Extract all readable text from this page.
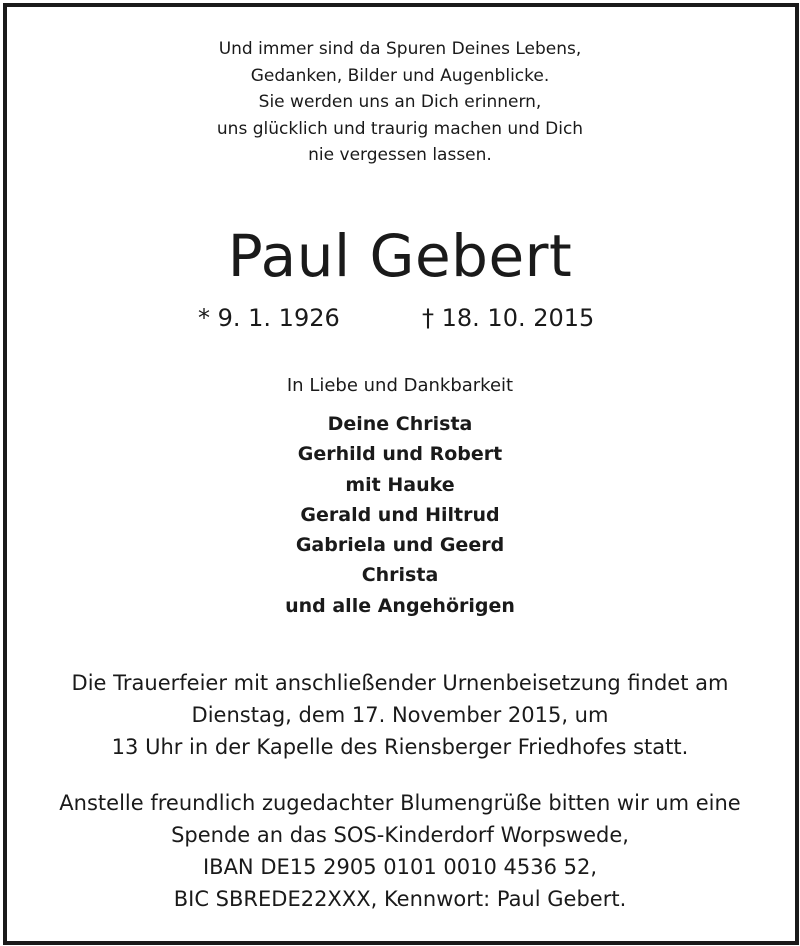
Und immer sind da Spuren Deines Lebens,
Gedanken, Bilder und Augenblicke.
Sie werden uns an Dich erinnern,
uns glücklich und traurig machen und Dich
nie vergessen lassen.
Paul Gebert
* 9. 1. 1926	† 18. 10. 2015
In Liebe und Dankbarkeit
Deine Christa
Gerhild und Robert
mit Hauke
Gerald und Hiltrud
Gabriela und Geerd
Christa
und alle Angehörigen
Die Trauerfeier mit anschließender Urnenbeisetzung findet am
Dienstag, dem 17. November 2015, um
13 Uhr in der Kapelle des Riensberger Friedhofes statt.
Anstelle freundlich zugedachter Blumengrüße bitten wir um eine
Spende an das SOS-Kinderdorf Worpswede,
IBAN DE15 2905 0101 0010 4536 52,
BIC SBREDE22XXX, Kennwort: Paul Gebert.
